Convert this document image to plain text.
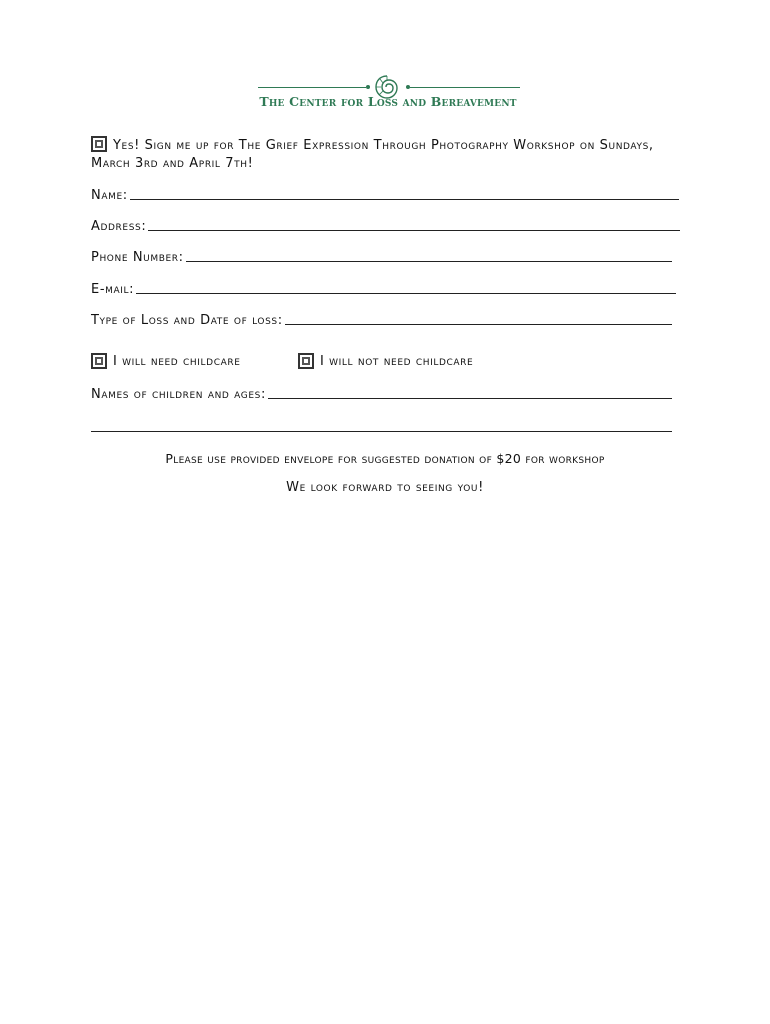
The Center for Loss and Bereavement
Yes! Sign me up for The Grief Expression Through Photography Workshop on Sundays, March 3rd and April 7th!
Name:
Address:
Phone Number:
E-mail:
Type of Loss and Date of loss:
I will need childcare	I will not need childcare
Names of children and ages:
Please use provided envelope for suggested donation of $20 for workshop
We look forward to seeing you!
